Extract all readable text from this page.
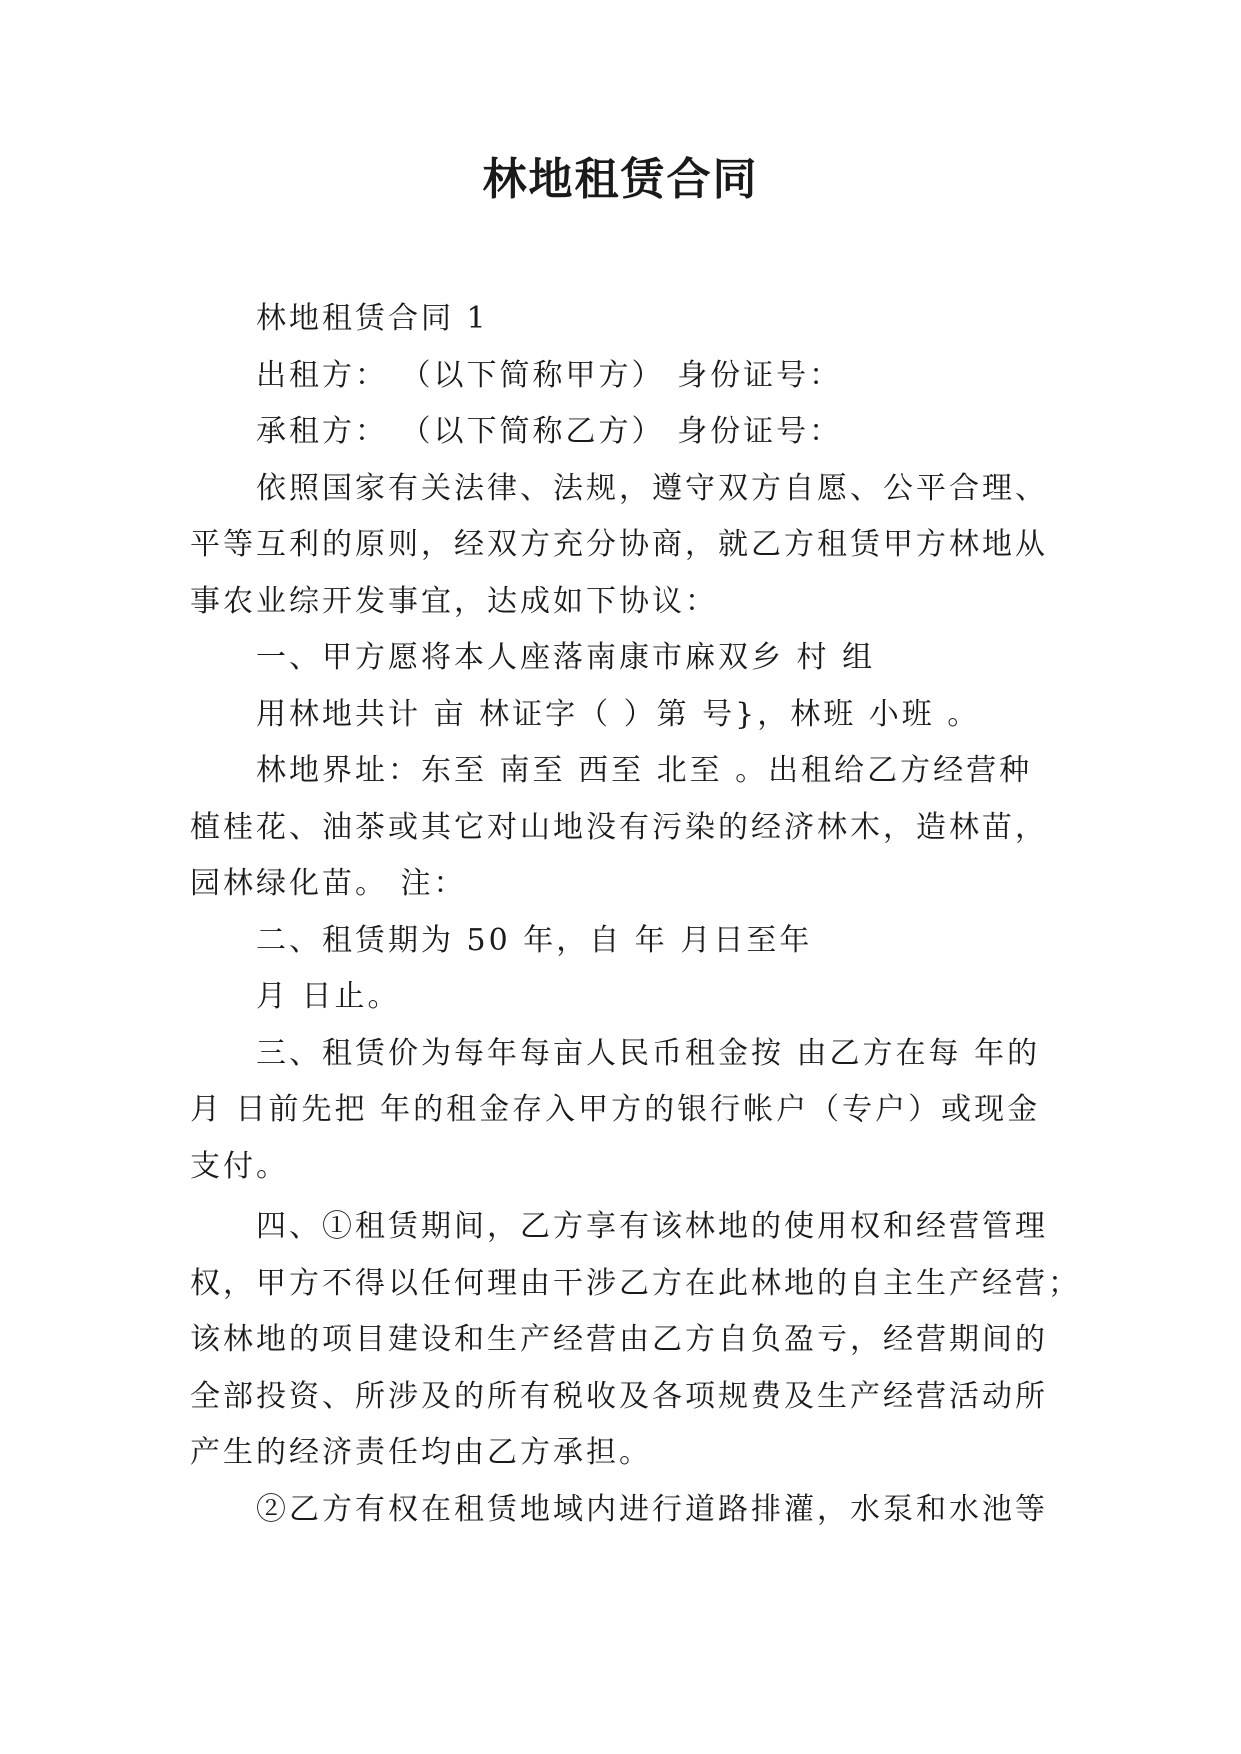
林地租赁合同
林地租赁合同 1
出租方： （以下简称甲方） 身份证号：
承租方： （以下简称乙方） 身份证号：
依照国家有关法律、法规，遵守双方自愿、公平合理、
平等互利的原则，经双方充分协商，就乙方租赁甲方林地从
事农业综开发事宜，达成如下协议：
一、甲方愿将本人座落南康市麻双乡 村 组
用林地共计 亩 林证字（ ）第 号}，林班 小班 。
林地界址：东至 南至 西至 北至 。出租给乙方经营种
植桂花、油茶或其它对山地没有污染的经济林木，造林苗，
园林绿化苗。 注：
二、租赁期为 50 年，自 年 月日至年
月 日止。
三、租赁价为每年每亩人民币租金按 由乙方在每 年的
月 日前先把 年的租金存入甲方的银行帐户（专户）或现金
支付。
四、①租赁期间，乙方享有该林地的使用权和经营管理
权，甲方不得以任何理由干涉乙方在此林地的自主生产经营；
该林地的项目建设和生产经营由乙方自负盈亏，经营期间的
全部投资、所涉及的所有税收及各项规费及生产经营活动所
产生的经济责任均由乙方承担。
②乙方有权在租赁地域内进行道路排灌，水泵和水池等
